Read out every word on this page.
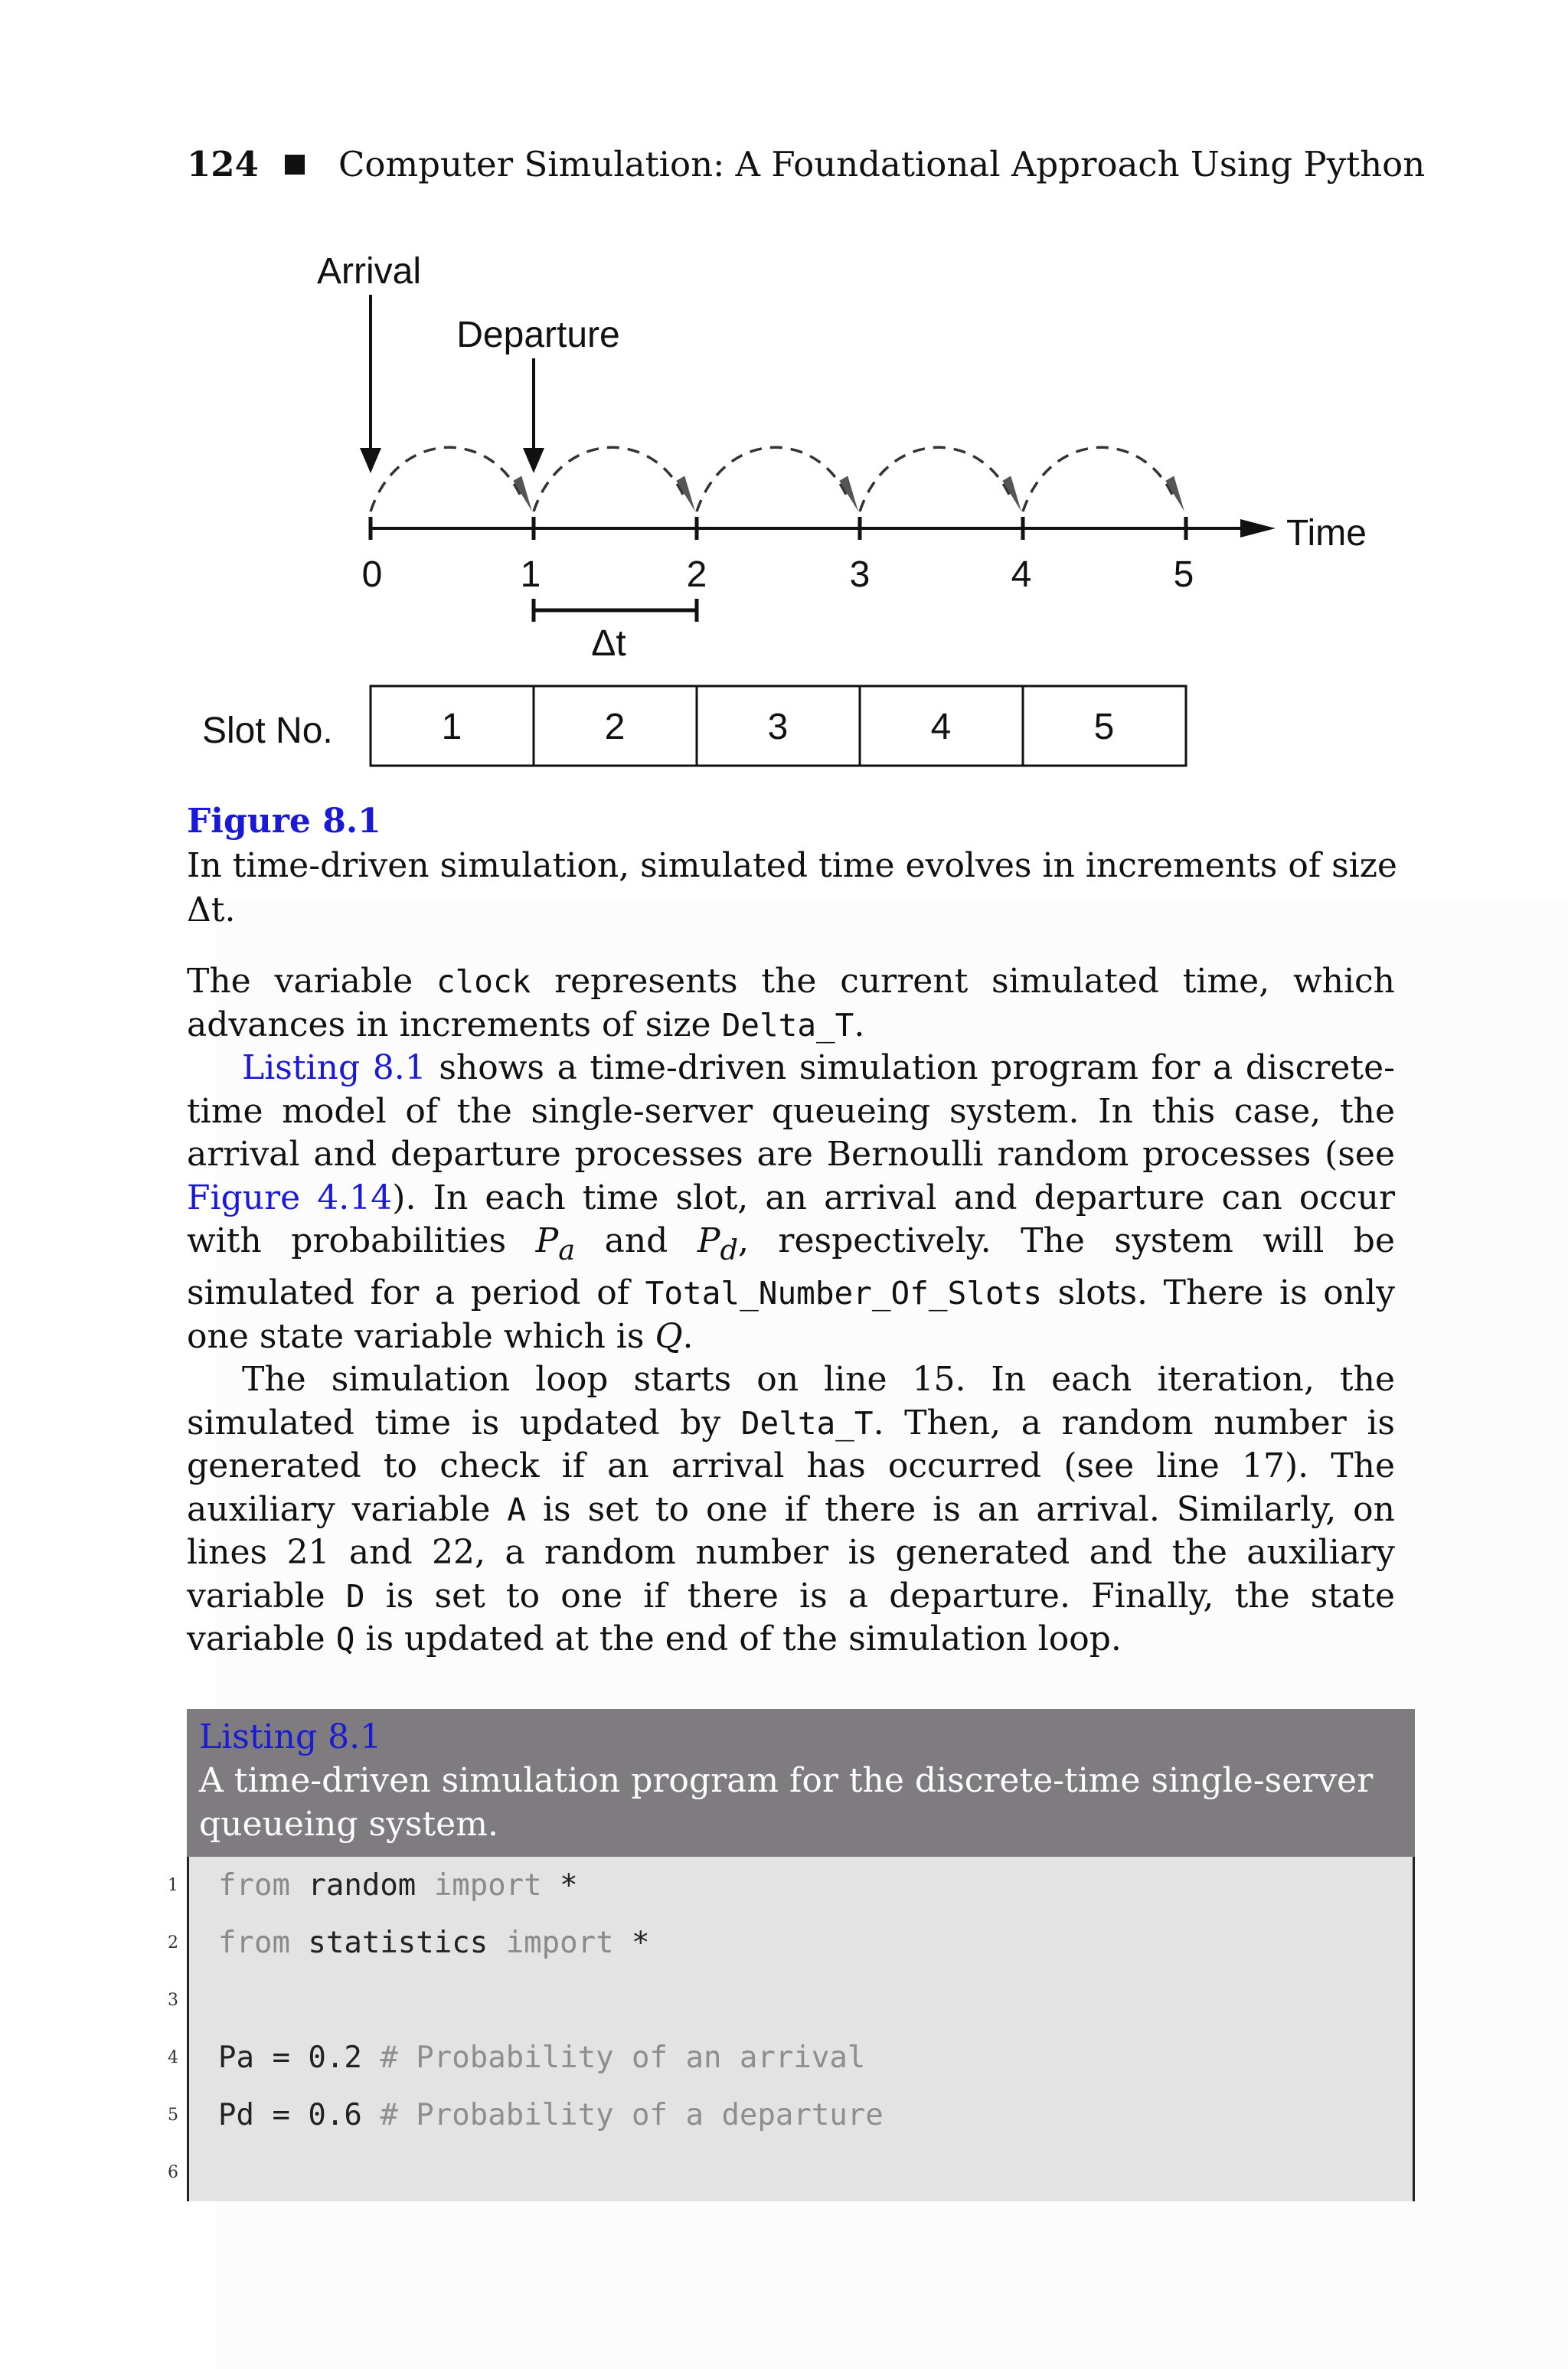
124 Computer Simulation: A Foundational Approach Using Python
Arrival
Departure
Time
0	1	2	3	4	5
Δt
Slot No.	1	2	3	4	5
Figure 8.1
In time-driven simulation, simulated time evolves in increments of size Δt.

The variable clock represents the current simulated time, which advances in increments of size Delta_T.

Listing 8.1 shows a time-driven simulation program for a discrete-time model of the single-server queueing system. In this case, the arrival and departure processes are Bernoulli random processes (see Figure 4.14). In each time slot, an arrival and departure can occur with probabilities $P_a$ and $P_d$, respectively. The system will be simulated for a period of Total_Number_Of_Slots slots. There is only one state variable which is Q.

The simulation loop starts on line 15. In each iteration, the simulated time is updated by Delta_T. Then, a random number is generated to check if an arrival has occurred (see line 17). The auxiliary variable A is set to one if there is an arrival. Similarly, on lines 21 and 22, a random number is generated and the auxiliary variable D is set to one if there is a departure. Finally, the state variable Q is updated at the end of the simulation loop.

Listing 8.1
A time-driven simulation program for the discrete-time single-server queueing system.
1 from random import *
2 from statistics import *
3
4 Pa = 0.2 # Probability of an arrival
5 Pd = 0.6 # Probability of a departure
6
